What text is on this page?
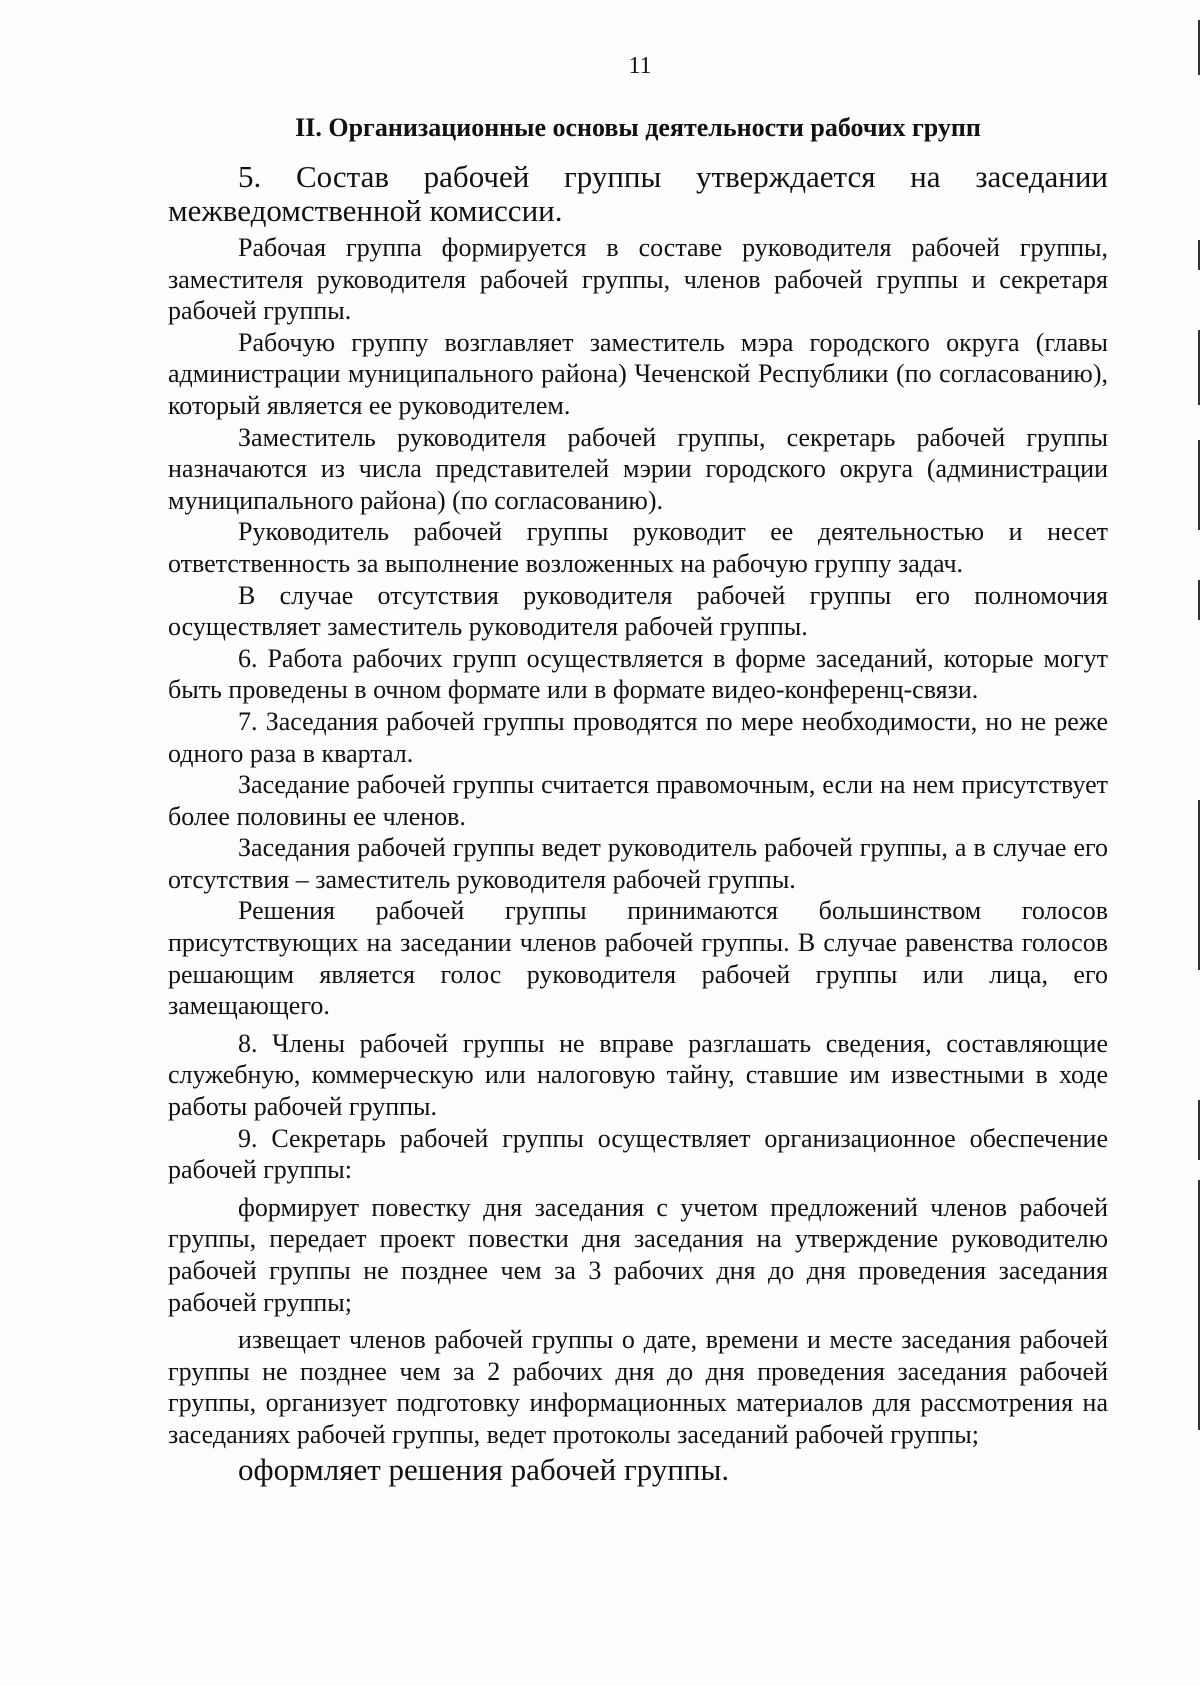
11
II. Организационные основы деятельности рабочих групп

5. Состав рабочей группы утверждается на заседании межведомственной комиссии.

Рабочая группа формируется в составе руководителя рабочей группы, заместителя руководителя рабочей группы, членов рабочей группы и секретаря рабочей группы.

Рабочую группу возглавляет заместитель мэра городского округа (главы администрации муниципального района) Чеченской Республики (по согласованию), который является ее руководителем.

Заместитель руководителя рабочей группы, секретарь рабочей группы назначаются из числа представителей мэрии городского округа (администрации муниципального района) (по согласованию).

Руководитель рабочей группы руководит ее деятельностью и несет ответственность за выполнение возложенных на рабочую группу задач.

В случае отсутствия руководителя рабочей группы его полномочия осуществляет заместитель руководителя рабочей группы.

6. Работа рабочих групп осуществляется в форме заседаний, которые могут быть проведены в очном формате или в формате видео-конференц-связи.

7. Заседания рабочей группы проводятся по мере необходимости, но не реже одного раза в квартал.

Заседание рабочей группы считается правомочным, если на нем присутствует более половины ее членов.

Заседания рабочей группы ведет руководитель рабочей группы, а в случае его отсутствия – заместитель руководителя рабочей группы.

Решения рабочей группы принимаются большинством голосов присутствующих на заседании членов рабочей группы. В случае равенства голосов решающим является голос руководителя рабочей группы или лица, его замещающего.

8. Члены рабочей группы не вправе разглашать сведения, составляющие служебную, коммерческую или налоговую тайну, ставшие им известными в ходе работы рабочей группы.

9. Секретарь рабочей группы осуществляет организационное обеспечение рабочей группы:

формирует повестку дня заседания с учетом предложений членов рабочей группы, передает проект повестки дня заседания на утверждение руководителю рабочей группы не позднее чем за 3 рабочих дня до дня проведения заседания рабочей группы;

извещает членов рабочей группы о дате, времени и месте заседания рабочей группы не позднее чем за 2 рабочих дня до дня проведения заседания рабочей группы, организует подготовку информационных материалов для рассмотрения на заседаниях рабочей группы, ведет протоколы заседаний рабочей группы;

оформляет решения рабочей группы.
